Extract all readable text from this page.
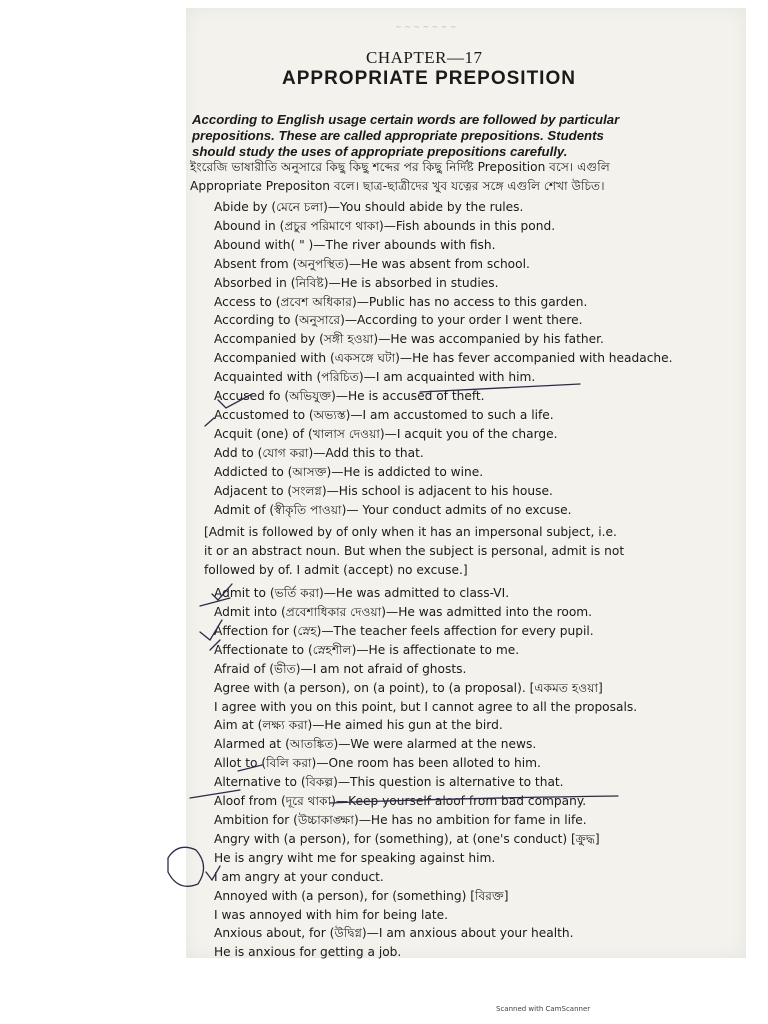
~ ~ ~ ~ ~ ~ ~
CHAPTER—17
APPROPRIATE PREPOSITION
According to English usage certain words are followed by particular
prepositions. These are called appropriate prepositions. Students
should study the uses of appropriate prepositions carefully.
ইংরেজি ভাষারীতি অনুসারে কিছু কিছু শব্দের পর কিছু নির্দিষ্ট Preposition বসে। এগুলি
Appropriate Prepositon বলে। ছাত্র-ছাত্রীদের খুব যত্নের সঙ্গে এগুলি শেখা উচিত।
Abide by (মেনে চলা)—You should abide by the rules.
Abound in (প্রচুর পরিমাণে থাকা)—Fish abounds in this pond.
Abound with( " )—The river abounds with fish.
Absent from (অনুপস্থিত)—He was absent from school.
Absorbed in (নিবিষ্ট)—He is absorbed in studies.
Access to (প্রবেশ অধিকার)—Public has no access to this garden.
According to (অনুসারে)—According to your order I went there.
Accompanied by (সঙ্গী হওয়া)—He was accompanied by his father.
Accompanied with (একসঙ্গে ঘটা)—He has fever accompanied with headache.
Acquainted with (পরিচিত)—I am acquainted with him.
Accused fo (অভিযুক্ত)—He is accused of theft.
Accustomed to (অভ্যস্ত)—I am accustomed to such a life.
Acquit (one) of (খালাস দেওয়া)—I acquit you of the charge.
Add to (যোগ করা)—Add this to that.
Addicted to (আসক্ত)—He is addicted to wine.
Adjacent to (সংলগ্ন)—His school is adjacent to his house.
Admit of (স্বীকৃতি পাওয়া)— Your conduct admits of no excuse.
[Admit is followed by of only when it has an impersonal subject, i.e.
it or an abstract noun. But when the subject is personal, admit is not
followed by of. I admit (accept) no excuse.]
Admit to (ভর্তি করা)—He was admitted to class-VI.
Admit into (প্রবেশাধিকার দেওয়া)—He was admitted into the room.
Affection for (স্নেহ)—The teacher feels affection for every pupil.
Affectionate to (স্নেহশীল)—He is affectionate to me.
Afraid of (ভীত)—I am not afraid of ghosts.
Agree with (a person), on (a point), to (a proposal). [একমত হওয়া]
I agree with you on this point, but I cannot agree to all the proposals.
Aim at (লক্ষ্য করা)—He aimed his gun at the bird.
Alarmed at (আতঙ্কিত)—We were alarmed at the news.
Allot to (বিলি করা)—One room has been alloted to him.
Alternative to (বিকল্প)—This question is alternative to that.
Aloof from (দূরে থাকা)—Keep yourself aloof from bad company.
Ambition for (উচ্চাকাঙ্ক্ষা)—He has no ambition for fame in life.
Angry with (a person), for (something), at (one's conduct) [ক্রুদ্ধ]
He is angry wiht me for speaking against him.
I am angry at your conduct.
Annoyed with (a person), for (something) [বিরক্ত]
I was annoyed with him for being late.
Anxious about, for (উদ্বিগ্ন)—I am anxious about your health.
He is anxious for getting a job.
Scanned with CamScanner
